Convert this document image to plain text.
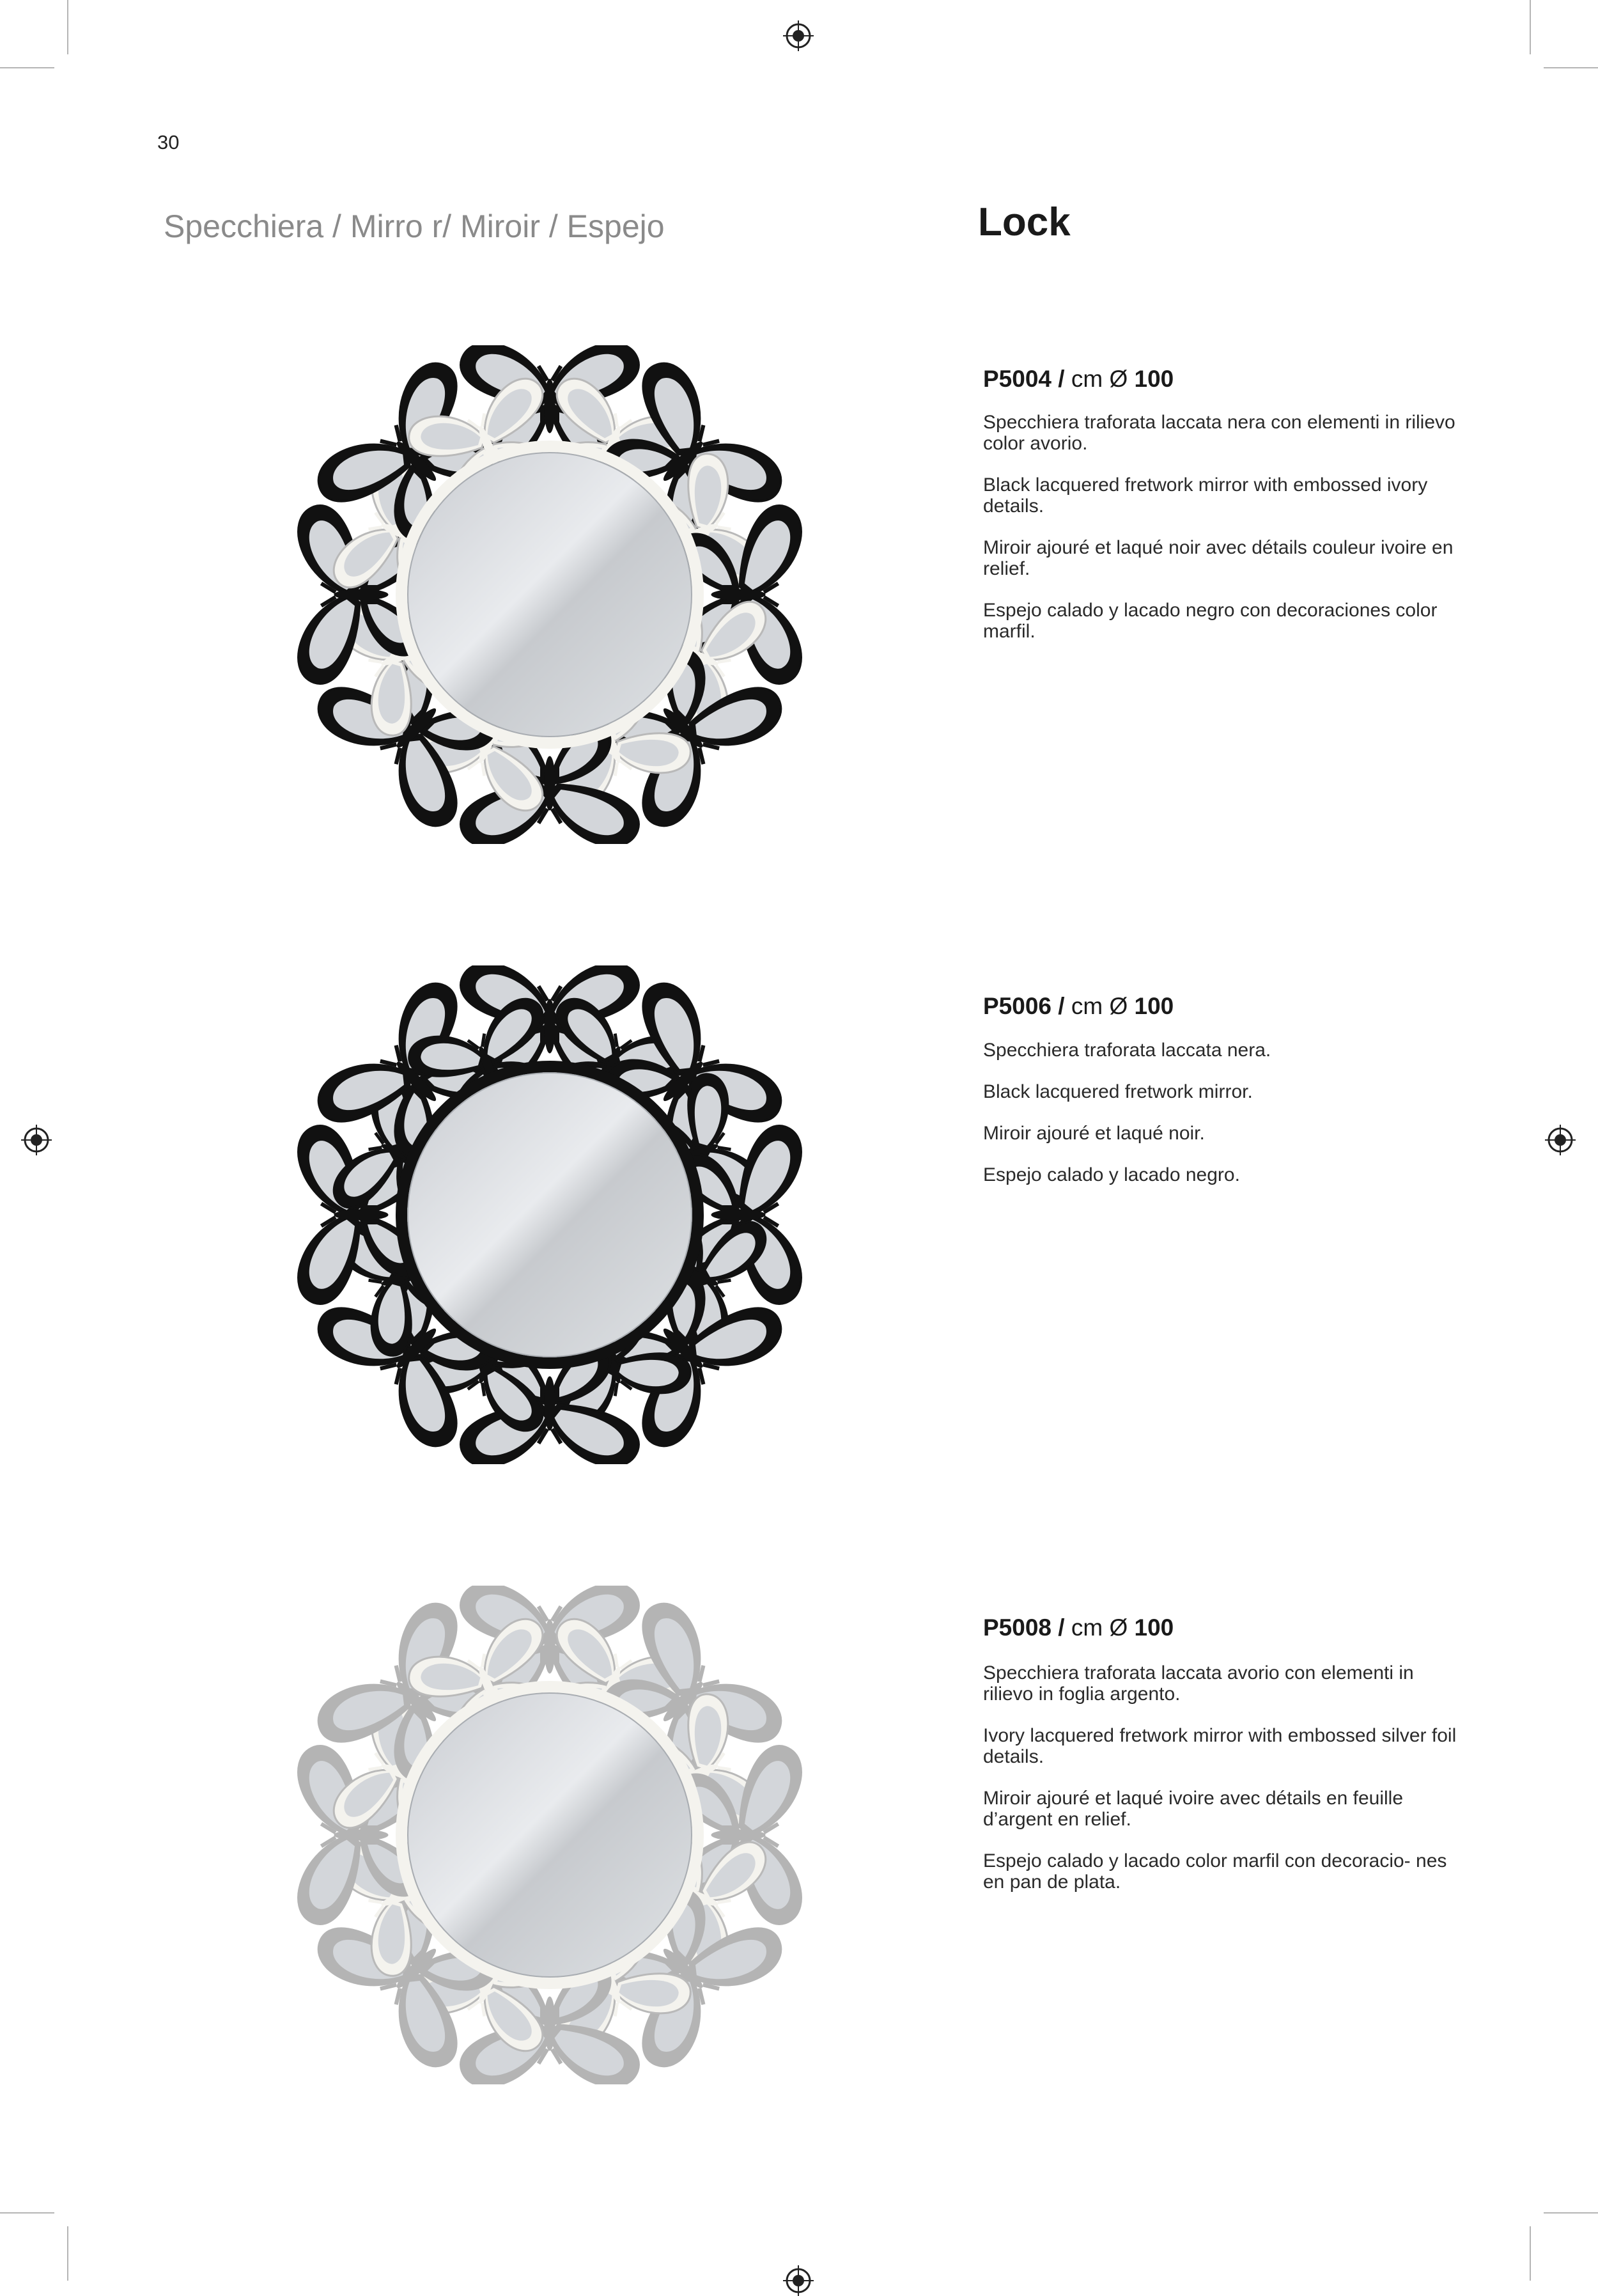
30
Specchiera / Mirro r/ Miroir / Espejo	Lock
P5004 / cm Ø 100

Specchiera traforata laccata nera con elementi in rilievo color avorio.

Black lacquered fretwork mirror with embossed ivory details.

Miroir ajouré et laqué noir avec détails couleur ivoire en relief.

Espejo calado y lacado negro con decoraciones color marfil.

P5006 / cm Ø 100

Specchiera traforata laccata nera.

Black lacquered fretwork mirror.

Miroir ajouré et laqué noir.

Espejo calado y lacado negro.

P5008 / cm Ø 100

Specchiera traforata laccata avorio con elementi in rilievo in foglia argento.

Ivory lacquered fretwork mirror with embossed silver foil details.

Miroir ajouré et laqué ivoire avec détails en feuille d’argent en relief.

Espejo calado y lacado color marfil con decoracio- nes en pan de plata.
